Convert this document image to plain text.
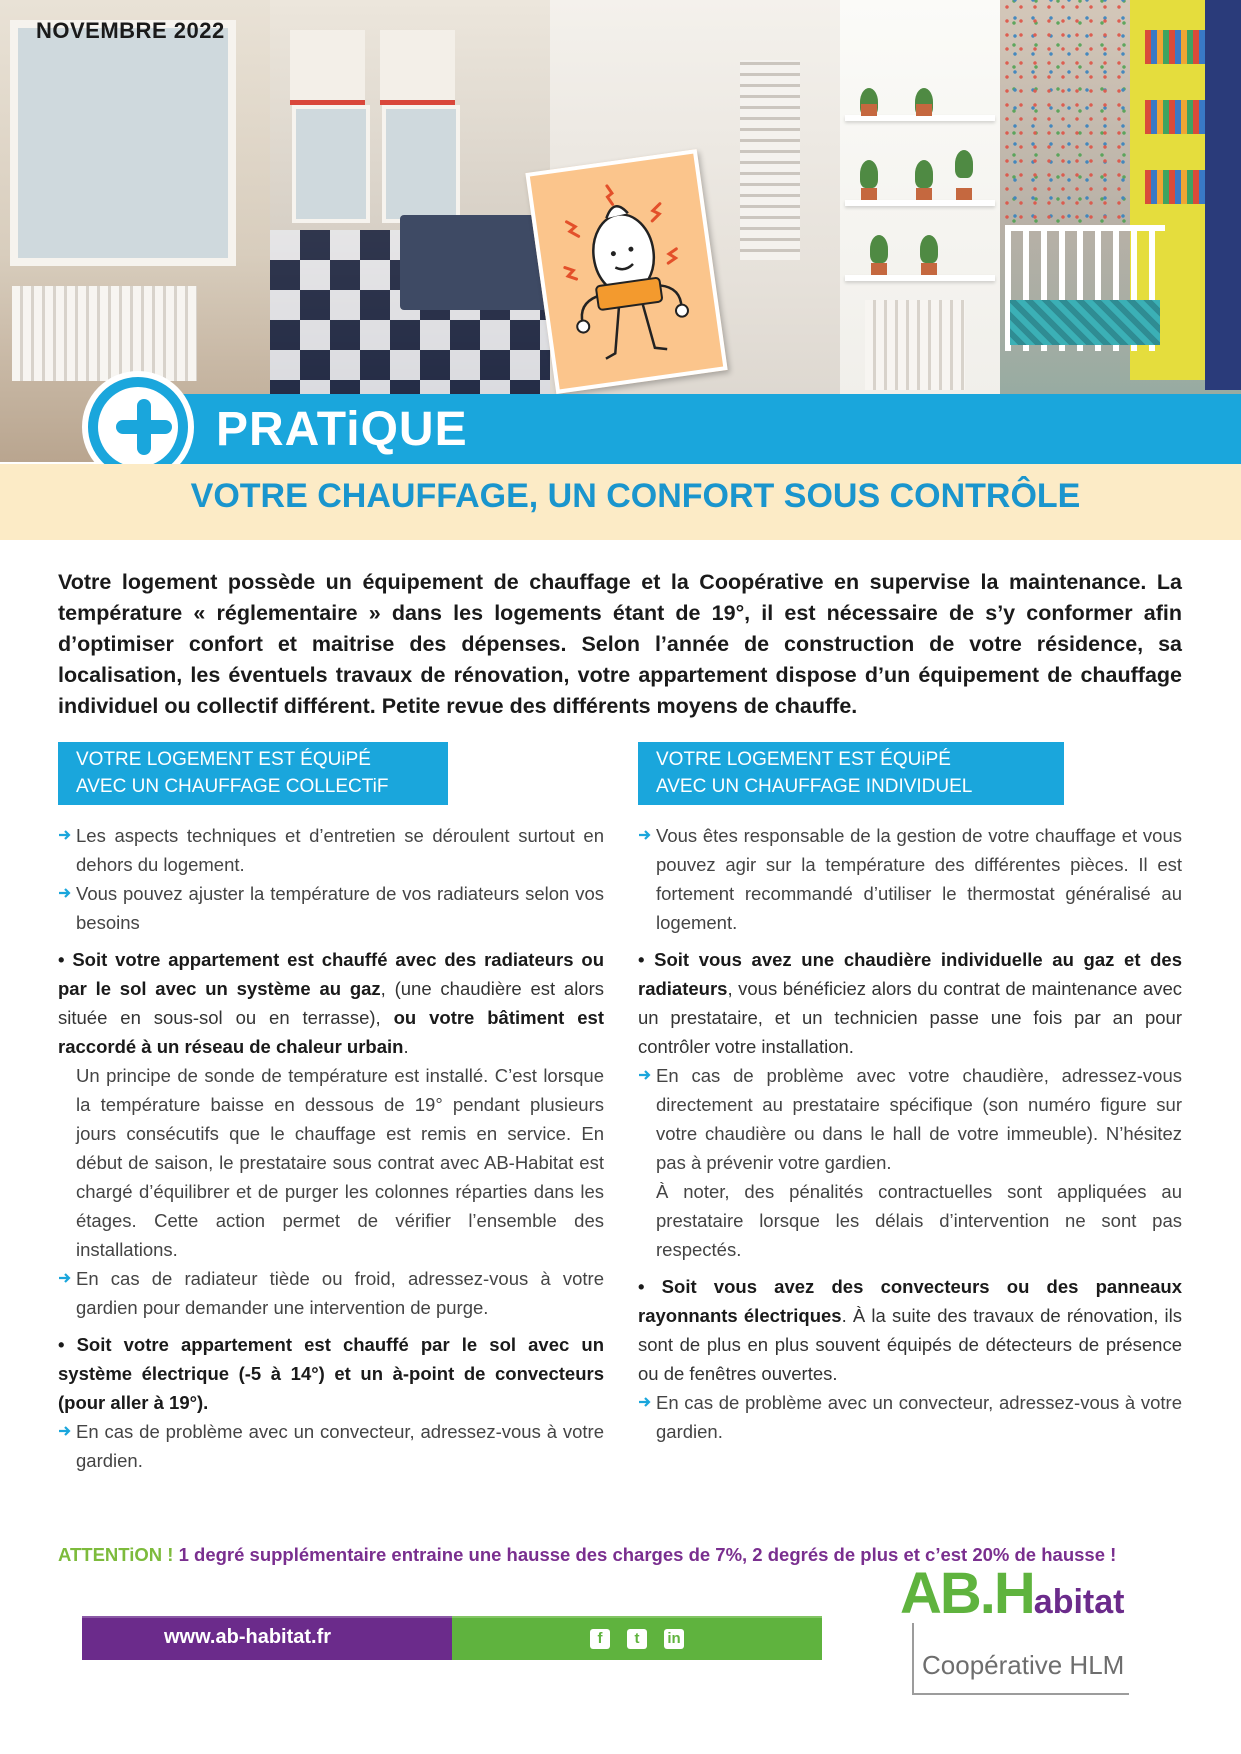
NOVEMBRE 2022
PRATiQUE
VOTRE CHAUFFAGE, UN CONFORT SOUS CONTRÔLE

Votre logement possède un équipement de chauffage et la Coopérative en supervise la maintenance. La température « réglementaire » dans les logements étant de 19°, il est nécessaire de s’y conformer afin d’optimiser confort et maitrise des dépenses. Selon l’année de construction de votre résidence, sa localisation, les éventuels travaux de rénovation, votre appartement dispose d’un équipement de chauffage individuel ou collectif différent. Petite revue des différents moyens de chauffe.

VOTRE LOGEMENT EST ÉQUiPÉ
AVEC UN CHAUFFAGE COLLECTiF
Les aspects techniques et d’entretien se déroulent surtout en dehors du logement.
Vous pouvez ajuster la température de vos radiateurs selon vos besoins

• Soit votre appartement est chauffé avec des radiateurs ou par le sol avec un système au gaz, (une chaudière est alors située en sous-sol ou en terrasse), ou votre bâtiment est raccordé à un réseau de chaleur urbain.

Un principe de sonde de température est installé. C’est lorsque la température baisse en dessous de 19° pendant plusieurs jours consécutifs que le chauffage est remis en service. En début de saison, le prestataire sous contrat avec AB-Habitat est chargé d’équilibrer et de purger les colonnes réparties dans les étages. Cette action permet de vérifier l’ensemble des installations.

En cas de radiateur tiède ou froid, adressez-vous à votre gardien pour demander une intervention de purge.

• Soit votre appartement est chauffé par le sol avec un système électrique (-5 à 14°) et un à-point de convecteurs (pour aller à 19°).

En cas de problème avec un convecteur, adressez-vous à votre gardien.
VOTRE LOGEMENT EST ÉQUiPÉ
AVEC UN CHAUFFAGE INDIVIDUEL
Vous êtes responsable de la gestion de votre chauffage et vous pouvez agir sur la température des différentes pièces. Il est fortement recommandé d’utiliser le thermostat généralisé au logement.

• Soit vous avez une chaudière individuelle au gaz et des radiateurs, vous bénéficiez alors du contrat de maintenance avec un prestataire, et un technicien passe une fois par an pour contrôler votre installation.

En cas de problème avec votre chaudière, adressez-vous directement au prestataire spécifique (son numéro figure sur votre chaudière ou dans le hall de votre immeuble). N’hésitez pas à prévenir votre gardien.

À noter, des pénalités contractuelles sont appliquées au prestataire lorsque les délais d’intervention ne sont pas respectés.

• Soit vous avez des convecteurs ou des panneaux rayonnants électriques. À la suite des travaux de rénovation, ils sont de plus en plus souvent équipés de détecteurs de présence ou de fenêtres ouvertes.

En cas de problème avec un convecteur, adressez-vous à votre gardien.
ATTENTiON ! 1 degré supplémentaire entraine une hausse des charges de 7%, 2 degrés de plus et c’est 20% de hausse !
www.ab-habitat.fr	f	t	in
AB.Habitat
Coopérative HLM
